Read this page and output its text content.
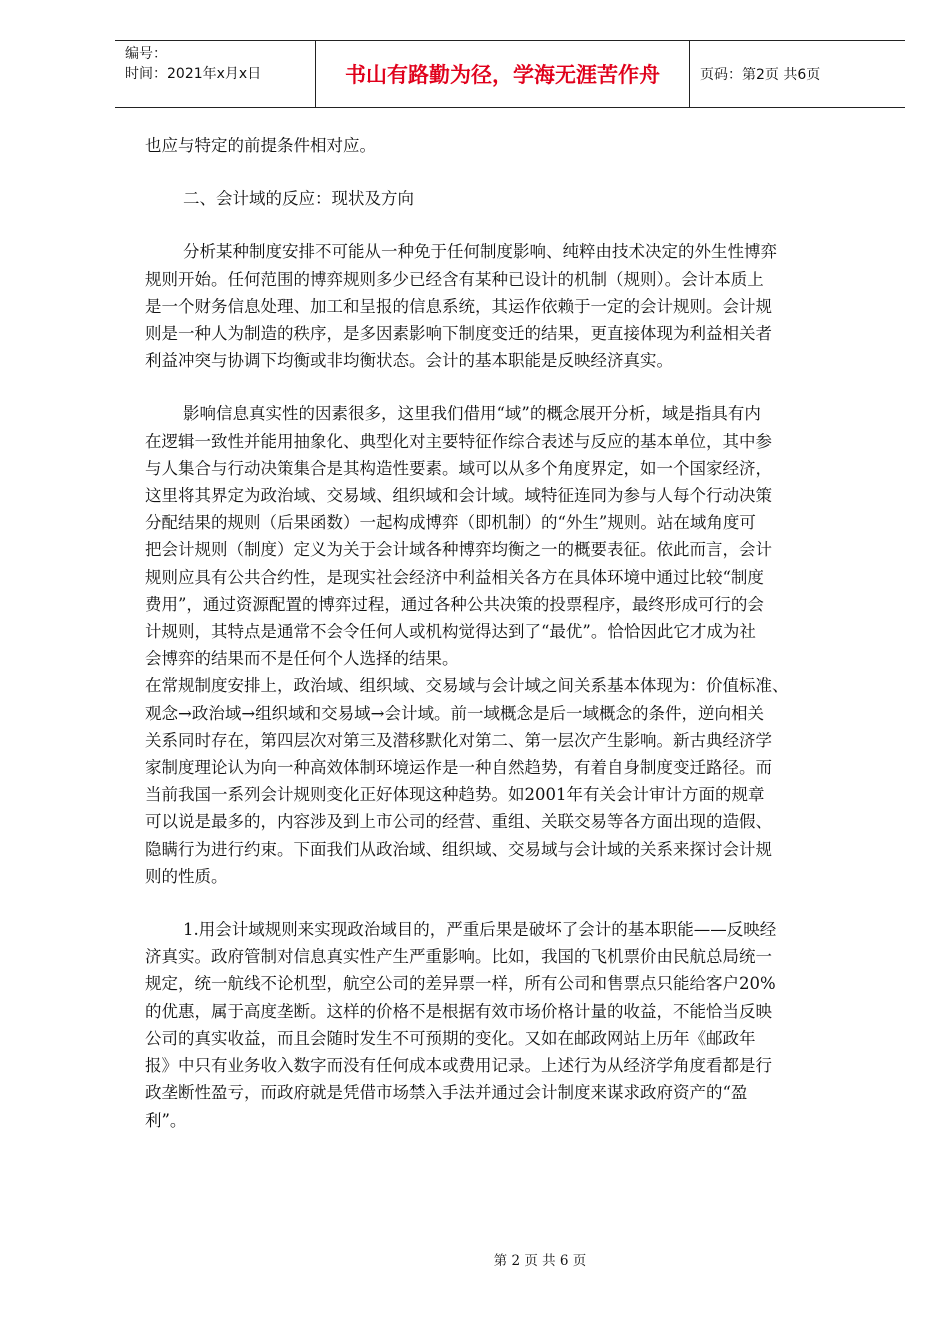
编号：
时间：2021年x月x日	书山有路勤为径，学海无涯苦作舟	页码：第2页 共6页

也应与特定的前提条件相对应。

二、会计域的反应：现状及方向

分析某种制度安排不可能从一种免于任何制度影响、纯粹由技术决定的外生性博弈
规则开始。任何范围的博弈规则多少已经含有某种已设计的机制（规则）。会计本质上
是一个财务信息处理、加工和呈报的信息系统，其运作依赖于一定的会计规则。会计规
则是一种人为制造的秩序，是多因素影响下制度变迁的结果，更直接体现为利益相关者
利益冲突与协调下均衡或非均衡状态。会计的基本职能是反映经济真实。

影响信息真实性的因素很多，这里我们借用“域”的概念展开分析，域是指具有内
在逻辑一致性并能用抽象化、典型化对主要特征作综合表述与反应的基本单位，其中参
与人集合与行动决策集合是其构造性要素。域可以从多个角度界定，如一个国家经济，
这里将其界定为政治域、交易域、组织域和会计域。域特征连同为参与人每个行动决策
分配结果的规则（后果函数）一起构成博弈（即机制）的“外生”规则。站在域角度可
把会计规则（制度）定义为关于会计域各种博弈均衡之一的概要表征。依此而言，会计
规则应具有公共合约性，是现实社会经济中利益相关各方在具体环境中通过比较“制度
费用”，通过资源配置的博弈过程，通过各种公共决策的投票程序，最终形成可行的会
计规则，其特点是通常不会令任何人或机构觉得达到了“最优”。恰恰因此它才成为社
会博弈的结果而不是任何个人选择的结果。

在常规制度安排上，政治域、组织域、交易域与会计域之间关系基本体现为：价值标准、
观念→政治域→组织域和交易域→会计域。前一域概念是后一域概念的条件，逆向相关
关系同时存在，第四层次对第三及潜移默化对第二、第一层次产生影响。新古典经济学
家制度理论认为向一种高效体制环境运作是一种自然趋势，有着自身制度变迁路径。而
当前我国一系列会计规则变化正好体现这种趋势。如2001年有关会计审计方面的规章
可以说是最多的，内容涉及到上市公司的经营、重组、关联交易等各方面出现的造假、
隐瞒行为进行约束。下面我们从政治域、组织域、交易域与会计域的关系来探讨会计规
则的性质。

1.用会计域规则来实现政治域目的，严重后果是破坏了会计的基本职能——反映经
济真实。政府管制对信息真实性产生严重影响。比如，我国的飞机票价由民航总局统一
规定，统一航线不论机型，航空公司的差异票一样，所有公司和售票点只能给客户20%
的优惠，属于高度垄断。这样的价格不是根据有效市场价格计量的收益，不能恰当反映
公司的真实收益，而且会随时发生不可预期的变化。又如在邮政网站上历年《邮政年
报》中只有业务收入数字而没有任何成本或费用记录。上述行为从经济学角度看都是行
政垄断性盈亏，而政府就是凭借市场禁入手法并通过会计制度来谋求政府资产的“盈
利”。

第 2 页 共 6 页
